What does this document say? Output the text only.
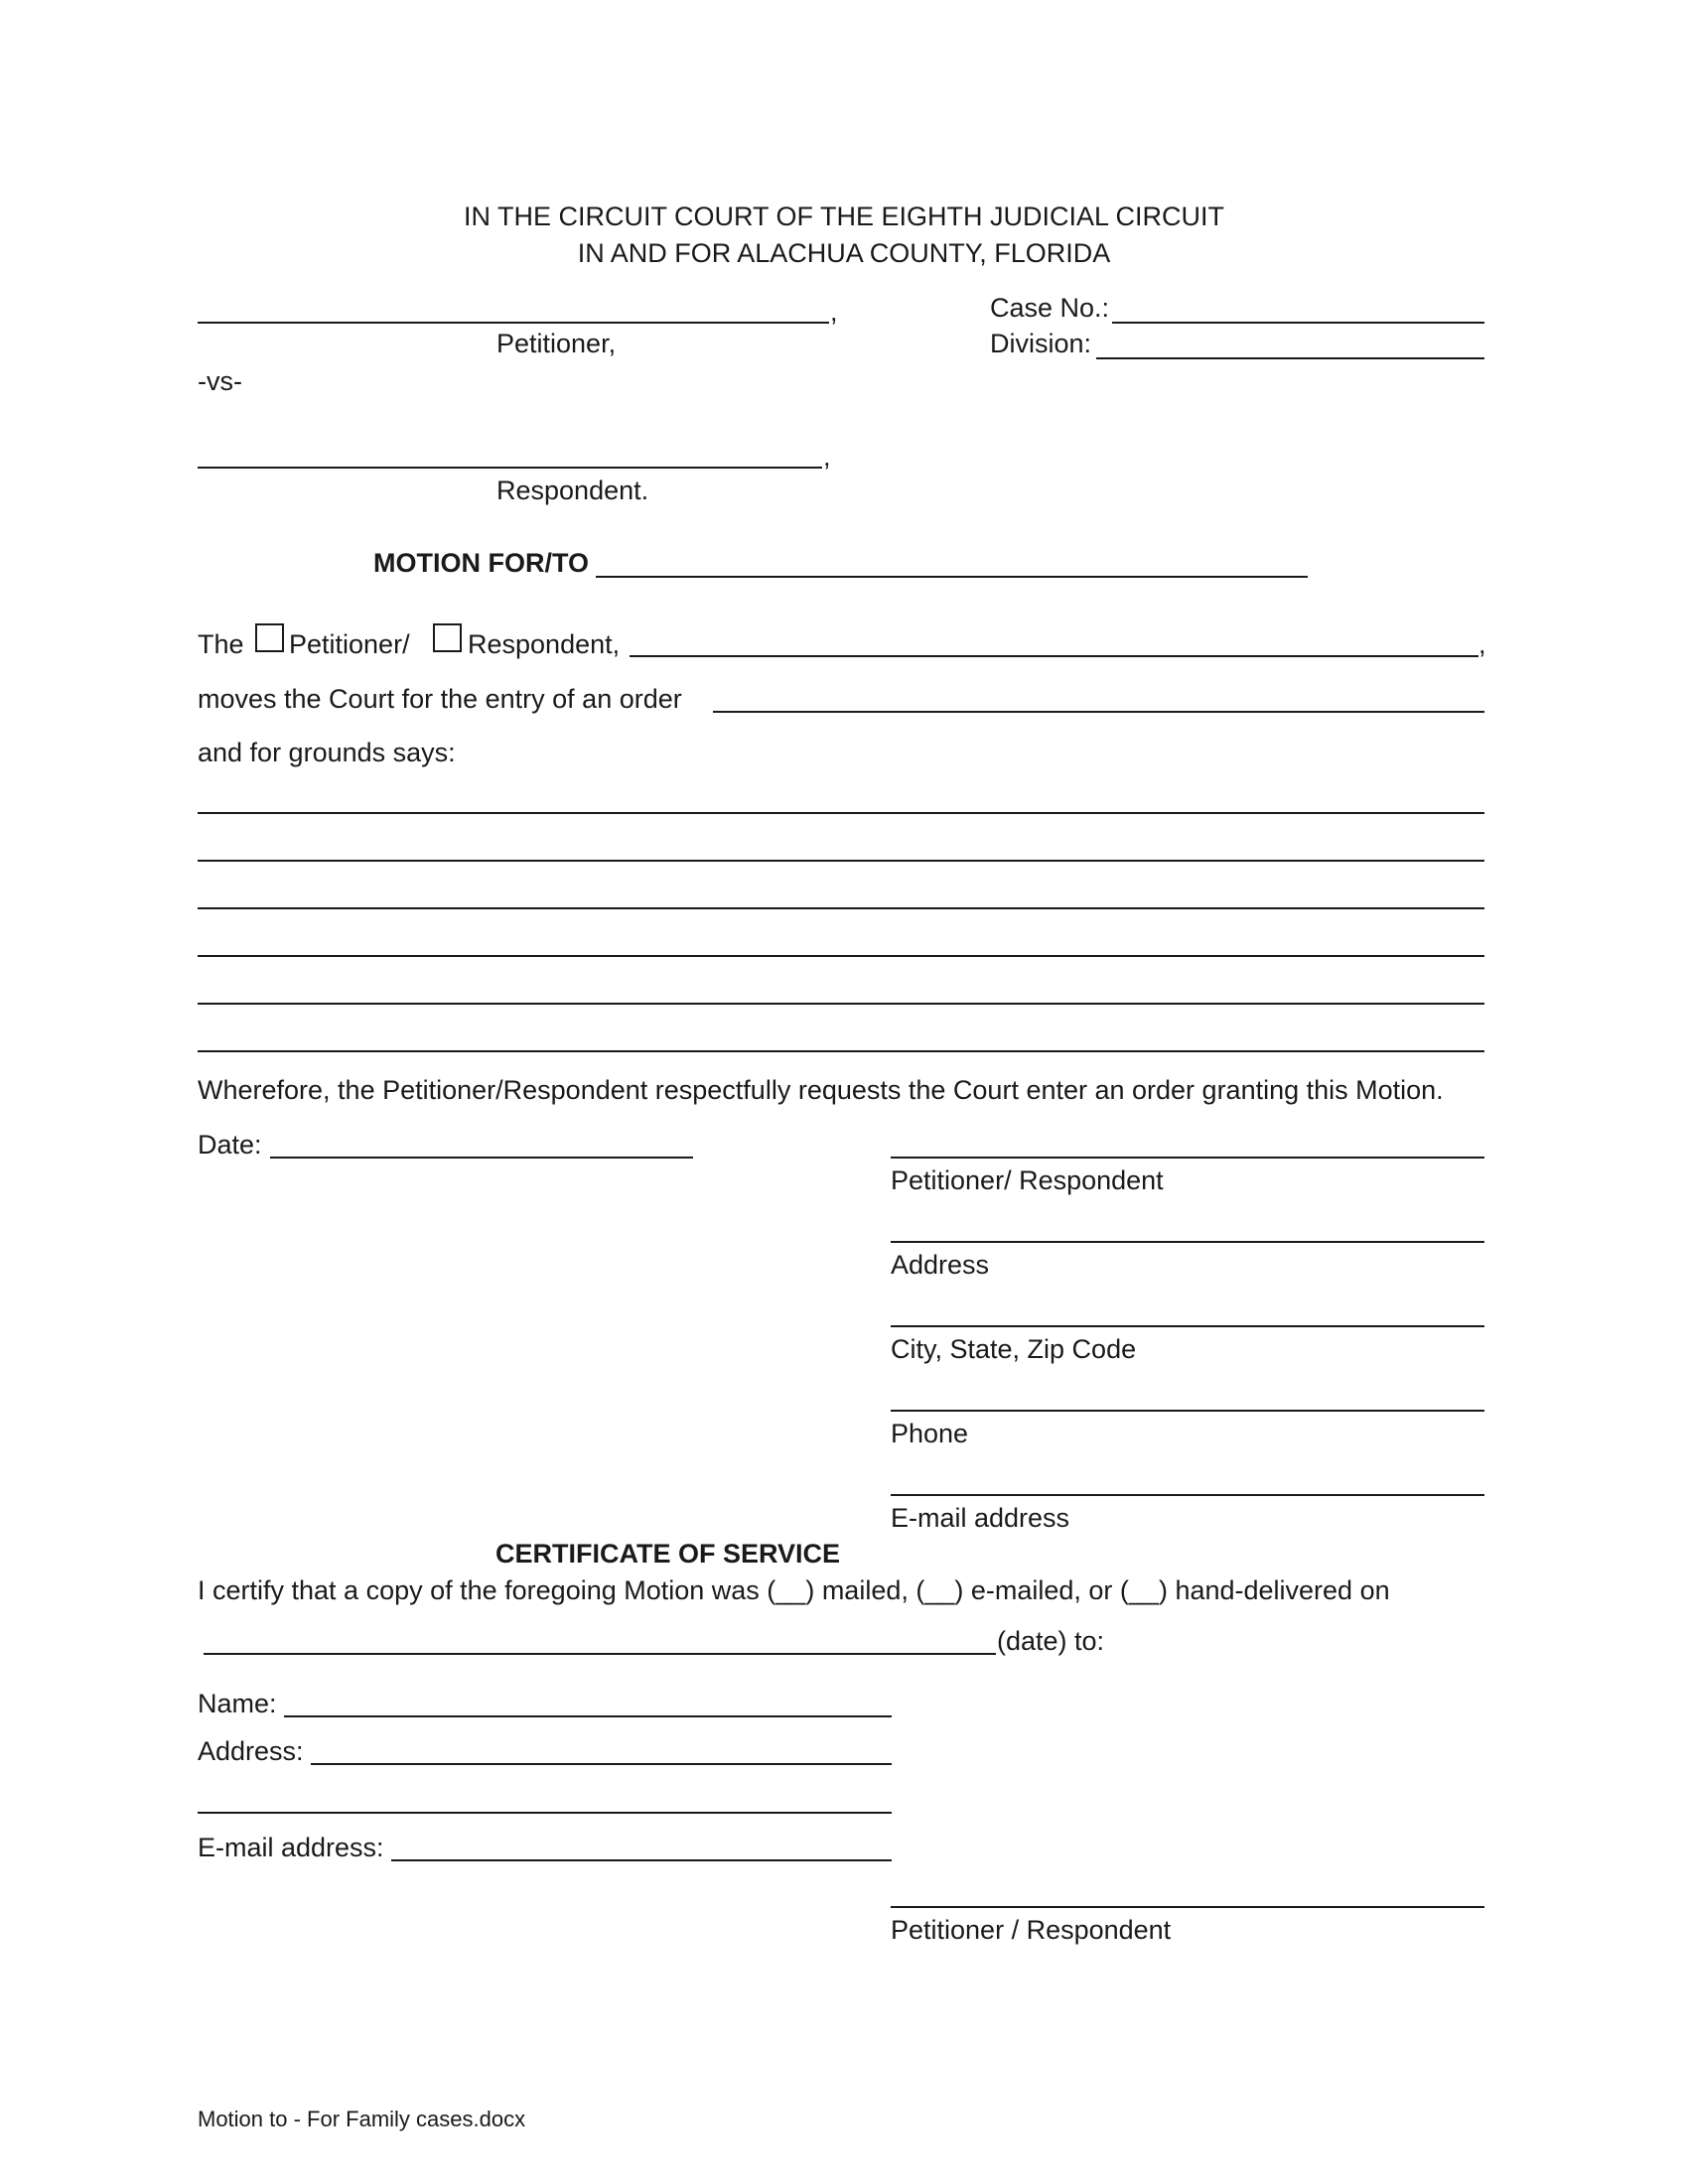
IN THE CIRCUIT COURT OF THE EIGHTH JUDICIAL CIRCUIT
IN AND FOR ALACHUA COUNTY, FLORIDA
,
Petitioner,
-vs-
,
Respondent.
Case No.:
Division:
MOTION FOR/TO
The Petitioner/ Respondent,	,
moves the Court for the entry of an order
and for grounds says:
Wherefore, the Petitioner/Respondent respectfully requests the Court enter an order granting this Motion.
Date:
Petitioner/ Respondent
Address
City, State, Zip Code
Phone
E-mail address
CERTIFICATE OF SERVICE
I certify that a copy of the foregoing Motion was (__) mailed, (__) e-mailed, or (__) hand-delivered on
(date) to:
Name:
Address:
E-mail address:
Petitioner / Respondent
Motion to - For Family cases.docx
